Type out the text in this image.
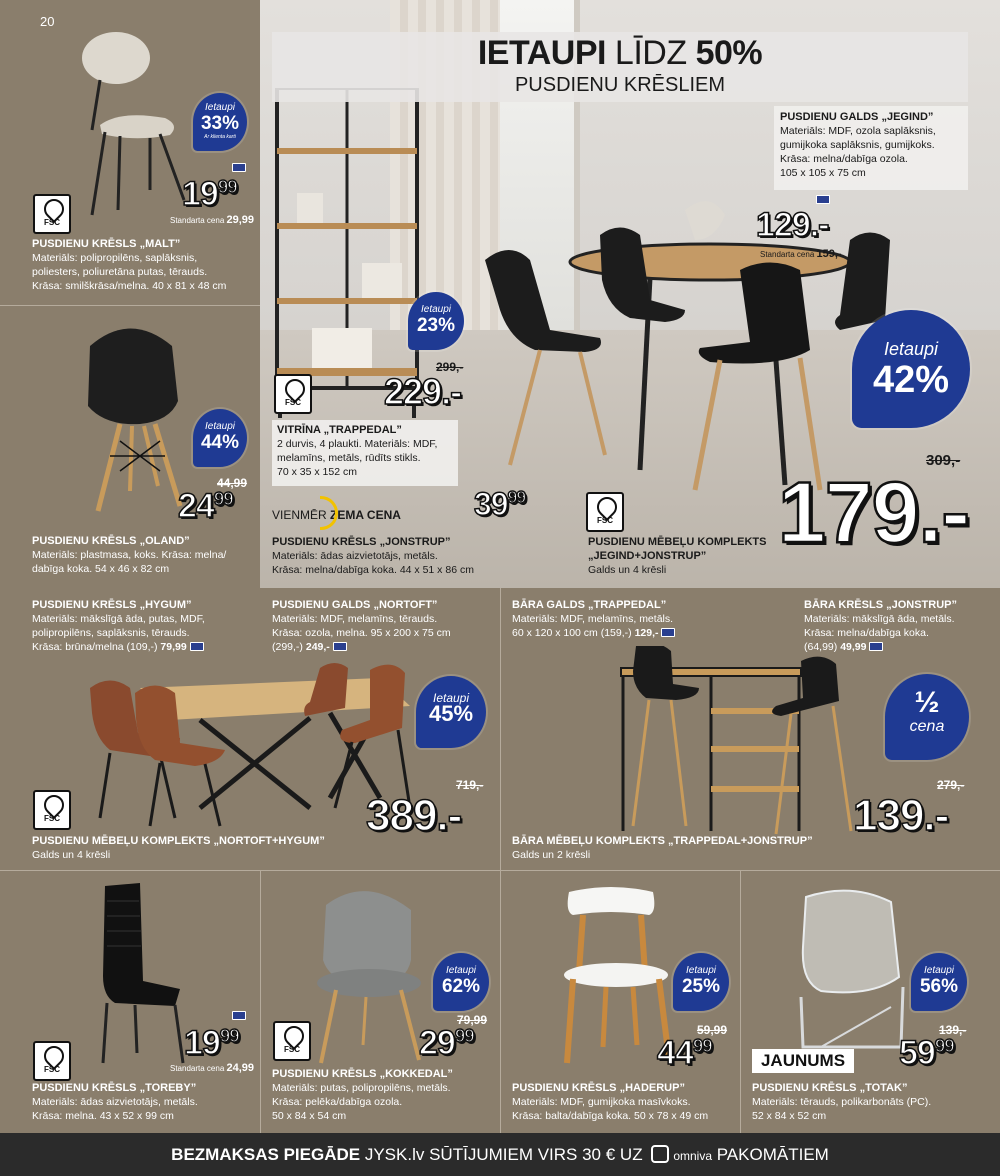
20
Ietaupi
33%
Ar klienta karti
$19^{99}$
Standarta cena 29,99
FSC
PUSDIENU KRĒSLS „MALT”
Materiāls: polipropilēns, saplāksnis,
poliesters, poliuretāna putas, tērauds.
Krāsa: smilškrāsa/melna. 40 x 81 x 48 cm
Ietaupi
44%
44,99
$24^{99}$
PUSDIENU KRĒSLS „OLAND”
Materiāls: plastmasa, koks. Krāsa: melna/
dabīga koka. 54 x 46 x 82 cm
IETAUPI LĪDZ 50%
PUSDIENU KRĒSLIEM
PUSDIENU GALDS „JEGIND”
Materiāls: MDF, ozola saplāksnis,
gumijkoka saplāksnis, gumijkoks.
Krāsa: melna/dabīga ozola.
105 x 105 x 75 cm
129.-
Standarta cena 159,-
Ietaupi
23%
299,-
229.-
FSC
VITRĪNA „TRAPPEDAL”
2 durvis, 4 plaukti. Materiāls: MDF,
melamīns, metāls, rūdīts stikls.
70 x 35 x 152 cm
Ietaupi
42%
309,-
179.-
VIENMĒR ZEMA CENA $39^{99}$
PUSDIENU KRĒSLS „JONSTRUP”
Materiāls: ādas aizvietotājs, metāls.
Krāsa: melna/dabīga koka. 44 x 51 x 86 cm
FSC
PUSDIENU MĒBEĻU KOMPLEKTS
„JEGIND+JONSTRUP”
Galds un 4 krēsli
PUSDIENU KRĒSLS „HYGUM”
Materiāls: mākslīgā āda, putas, MDF,
polipropilēns, saplāksnis, tērauds.
Krāsa: brūna/melna (109,-) 79,99
PUSDIENU GALDS „NORTOFT”
Materiāls: MDF, melamīns, tērauds.
Krāsa: ozola, melna. 95 x 200 x 75 cm
(299,-) 249,-
Ietaupi
45%
719,-
389.-
FSC
PUSDIENU MĒBEĻU KOMPLEKTS „NORTOFT+HYGUM”
Galds un 4 krēsli
BĀRA GALDS „TRAPPEDAL”
Materiāls: MDF, melamīns, metāls.
60 x 120 x 100 cm (159,-) 129,-
BĀRA KRĒSLS „JONSTRUP”
Materiāls: mākslīgā āda, metāls.
Krāsa: melna/dabīga koka.
(64,99) 49,99
½
cena
279,-
139.-
BĀRA MĒBEĻU KOMPLEKTS „TRAPPEDAL+JONSTRUP”
Galds un 2 krēsli
$19^{99}$
Standarta cena 24,99
FSC
PUSDIENU KRĒSLS „TOREBY”
Materiāls: ādas aizvietotājs, metāls.
Krāsa: melna. 43 x 52 x 99 cm
Ietaupi
62%
79,99
$29^{99}$
FSC
PUSDIENU KRĒSLS „KOKKEDAL”
Materiāls: putas, polipropilēns, metāls.
Krāsa: pelēka/dabīga ozola.
50 x 84 x 54 cm
Ietaupi
25%
59,99
$44^{99}$
PUSDIENU KRĒSLS „HADERUP”
Materiāls: MDF, gumijkoka masīvkoks.
Krāsa: balta/dabīga koka. 50 x 78 x 49 cm
Ietaupi
56%
139,-
$59^{99}$
JAUNUMS
PUSDIENU KRĒSLS „TOTAK”
Materiāls: tērauds, polikarbonāts (PC).
52 x 84 x 52 cm
BEZMAKSAS PIEGĀDE JYSK.lv SŪTĪJUMIEM VIRS 30 € UZ	omniva PAKOMĀTIEM
